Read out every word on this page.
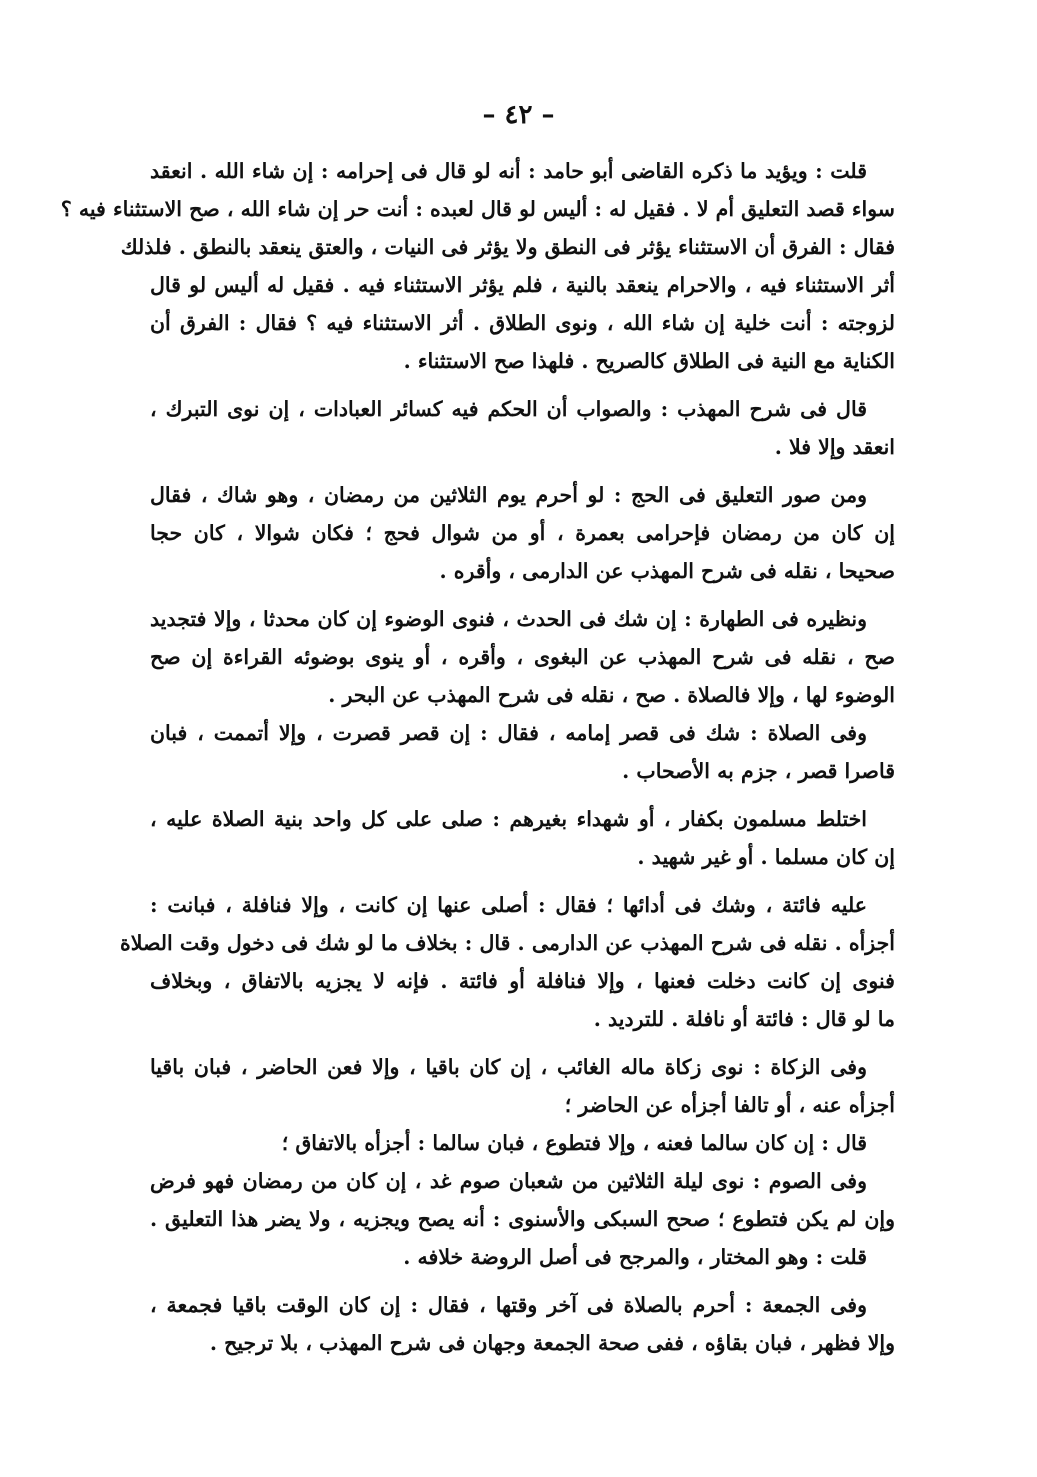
– ٤٢ –
قلت : ويؤيد ما ذكره القاضى أبو حامد : أنه لو قال فى إحرامه : إن شاء الله . انعقد
سواء قصد التعليق أم لا . فقيل له : أليس لو قال لعبده : أنت حر إن شاء الله ، صح الاستثناء فيه ؟
فقال : الفرق أن الاستثناء يؤثر فى النطق ولا يؤثر فى النيات ، والعتق ينعقد بالنطق . فلذلك
أثر الاستثناء فيه ، والاحرام ينعقد بالنية ، فلم يؤثر الاستثناء فيه . فقيل له أليس لو قال
لزوجته : أنت خلية إن شاء الله ، ونوى الطلاق . أثر الاستثناء فيه ؟ فقال : الفرق أن
الكناية مع النية فى الطلاق كالصريح . فلهذا صح الاستثناء .
قال فى شرح المهذب : والصواب أن الحكم فيه كسائر العبادات ، إن نوى التبرك ،
انعقد وإلا فلا .
ومن صور التعليق فى الحج : لو أحرم يوم الثلاثين من رمضان ، وهو شاك ، فقال
إن كان من رمضان فإحرامى بعمرة ، أو من شوال فحج ؛ فكان شوالا ، كان حجا
صحيحا ، نقله فى شرح المهذب عن الدارمى ، وأقره .
ونظيره فى الطهارة : إن شك فى الحدث ، فنوى الوضوء إن كان محدثا ، وإلا فتجديد
صح ، نقله فى شرح المهذب عن البغوى ، وأقره ، أو ينوى بوضوئه القراءة إن صح
الوضوء لها ، وإلا فالصلاة . صح ، نقله فى شرح المهذب عن البحر .
وفى الصلاة : شك فى قصر إمامه ، فقال : إن قصر قصرت ، وإلا أتممت ، فبان
قاصرا قصر ، جزم به الأصحاب .
اختلط مسلمون بكفار ، أو شهداء بغيرهم : صلى على كل واحد بنية الصلاة عليه ،
إن كان مسلما . أو غير شهيد .
عليه فائتة ، وشك فى أدائها ؛ فقال : أصلى عنها إن كانت ، وإلا فنافلة ، فبانت :
أجزأه . نقله فى شرح المهذب عن الدارمى . قال : بخلاف ما لو شك فى دخول وقت الصلاة
فنوى إن كانت دخلت فعنها ، وإلا فنافلة أو فائتة . فإنه لا يجزيه بالاتفاق ، وبخلاف
ما لو قال : فائتة أو نافلة . للترديد .
وفى الزكاة : نوى زكاة ماله الغائب ، إن كان باقيا ، وإلا فعن الحاضر ، فبان باقيا
أجزأه عنه ، أو تالفا أجزأه عن الحاضر ؛
قال : إن كان سالما فعنه ، وإلا فتطوع ، فبان سالما : أجزأه بالاتفاق ؛
وفى الصوم : نوى ليلة الثلاثين من شعبان صوم غد ، إن كان من رمضان فهو فرض
وإن لم يكن فتطوع ؛ صحح السبكى والأسنوى : أنه يصح ويجزيه ، ولا يضر هذا التعليق .
قلت : وهو المختار ، والمرجح فى أصل الروضة خلافه .
وفى الجمعة : أحرم بالصلاة فى آخر وقتها ، فقال : إن كان الوقت باقيا فجمعة ،
وإلا فظهر ، فبان بقاؤه ، ففى صحة الجمعة وجهان فى شرح المهذب ، بلا ترجيح .
